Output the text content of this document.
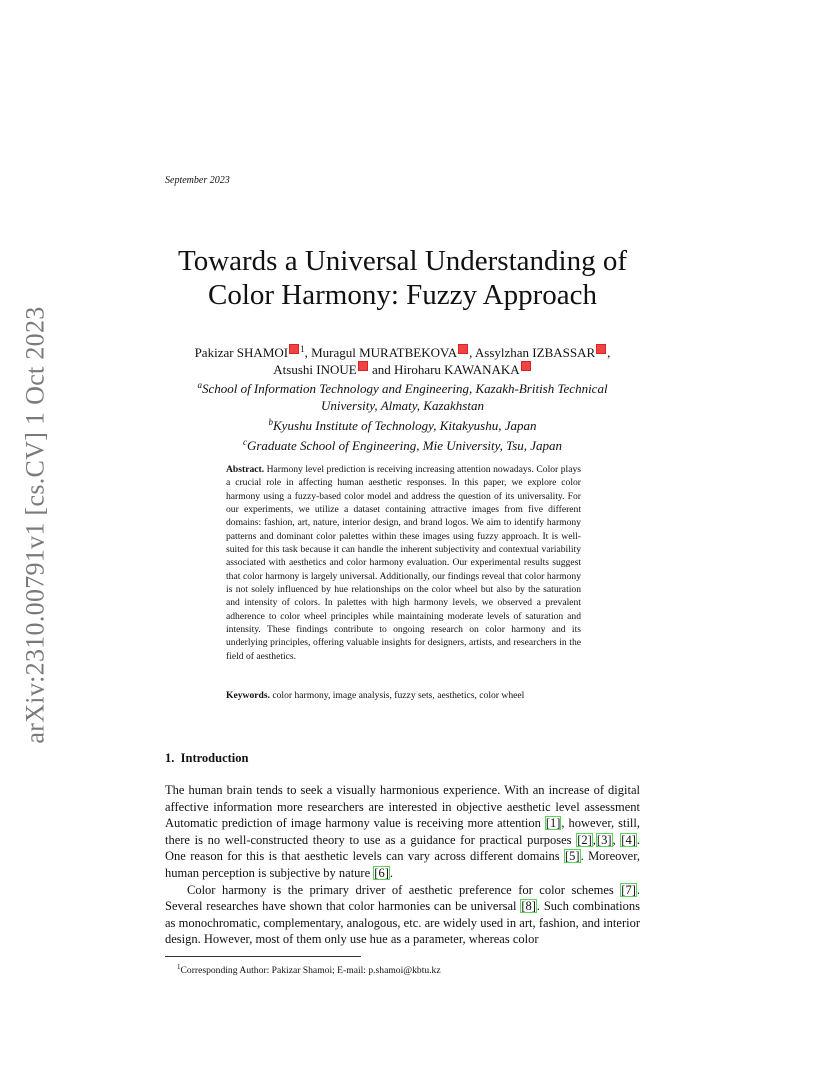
arXiv:2310.00791v1 [cs.CV] 1 Oct 2023
September 2023
Towards a Universal Understanding of Color Harmony: Fuzzy Approach
Pakizar SHAMOI $^1$, Muragul MURATBEKOVA , Assylzhan IZBASSAR ,
Atsushi INOUE and Hiroharu KAWANAKA
$^a$School of Information Technology and Engineering, Kazakh-British Technical
University, Almaty, Kazakhstan
$^b$Kyushu Institute of Technology, Kitakyushu, Japan
$^c$Graduate School of Engineering, Mie University, Tsu, Japan
Abstract. Harmony level prediction is receiving increasing attention nowadays. Color plays a crucial role in affecting human aesthetic responses. In this paper, we explore color harmony using a fuzzy-based color model and address the question of its universality. For our experiments, we utilize a dataset containing attractive images from five different domains: fashion, art, nature, interior design, and brand logos. We aim to identify harmony patterns and dominant color palettes within these images using fuzzy approach. It is well-suited for this task because it can handle the inherent subjectivity and contextual variability associated with aesthetics and color harmony evaluation. Our experimental results suggest that color harmony is largely universal. Additionally, our findings reveal that color harmony is not solely influenced by hue relationships on the color wheel but also by the saturation and intensity of colors. In palettes with high harmony levels, we observed a prevalent adherence to color wheel principles while maintaining moderate levels of saturation and intensity. These findings contribute to ongoing research on color harmony and its underlying principles, offering valuable insights for designers, artists, and researchers in the field of aesthetics.
Keywords. color harmony, image analysis, fuzzy sets, aesthetics, color wheel
1. Introduction

The human brain tends to seek a visually harmonious experience. With an increase of digital affective information more researchers are interested in objective aesthetic level assessment Automatic prediction of image harmony value is receiving more attention [1], however, still, there is no well-constructed theory to use as a guidance for practical purposes [2],[3], [4]. One reason for this is that aesthetic levels can vary across different domains [5]. Moreover, human perception is subjective by nature [6].

Color harmony is the primary driver of aesthetic preference for color schemes [7]. Several researches have shown that color harmonies can be universal [8]. Such combinations as monochromatic, complementary, analogous, etc. are widely used in art, fashion, and interior design. However, most of them only use hue as a parameter, whereas color

$^1$Corresponding Author: Pakizar Shamoi; E-mail: p.shamoi@kbtu.kz
